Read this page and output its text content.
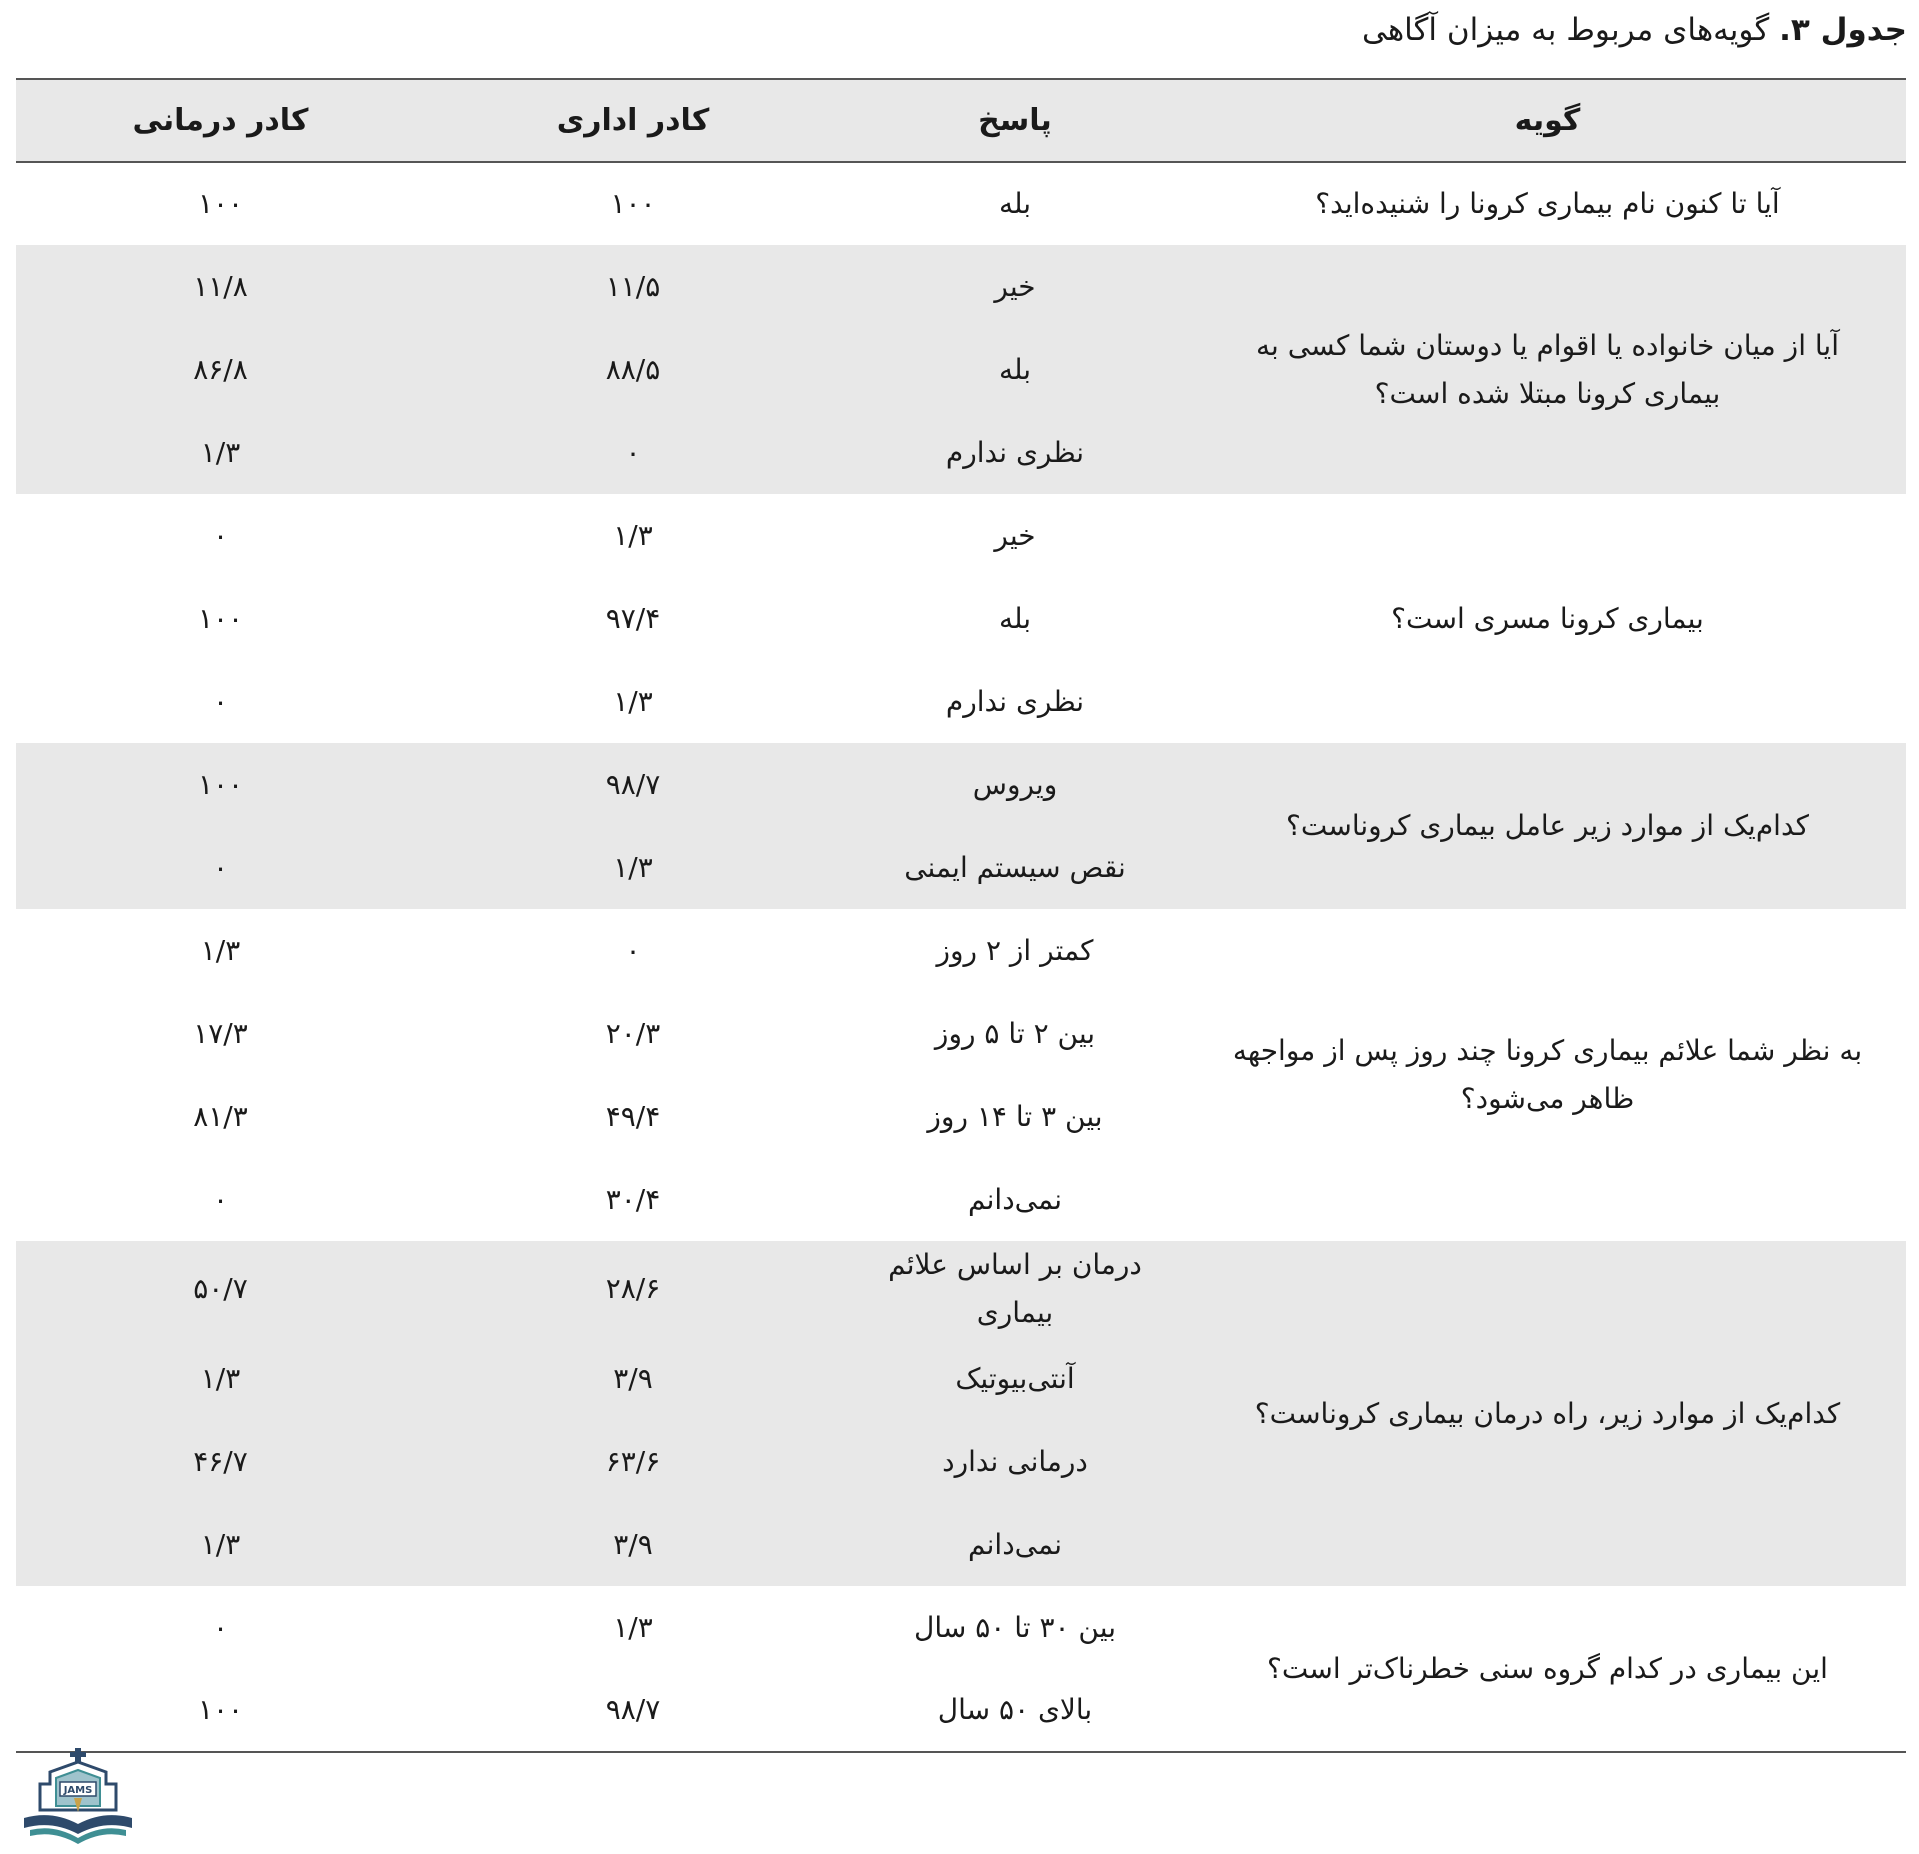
جدول ۳. گویه‌های مربوط به میزان آگاهی
گویه	پاسخ	کادر اداری	کادر درمانی
آیا تا کنون نام بیماری کرونا را شنیده‌اید؟	بله	۱۰۰	۱۰۰
آیا از میان خانواده یا اقوام یا دوستان شما کسی به بیماری کرونا مبتلا شده است؟	خیر	۱۱/۵	۱۱/۸
	بله	۸۸/۵	۸۶/۸
	نظری ندارم	۰	۱/۳
بیماری کرونا مسری است؟	خیر	۱/۳	۰
	بله	۹۷/۴	۱۰۰
	نظری ندارم	۱/۳	۰
کدام‌یک از موارد زیر عامل بیماری کروناست؟	ویروس	۹۸/۷	۱۰۰
	نقص سیستم ایمنی	۱/۳	۰
به نظر شما علائم بیماری کرونا چند روز پس از مواجهه ظاهر می‌شود؟	کمتر از ۲ روز	۰	۱/۳
	بین ۲ تا ۵ روز	۲۰/۳	۱۷/۳
	بین ۳ تا ۱۴ روز	۴۹/۴	۸۱/۳
	نمی‌دانم	۳۰/۴	۰
کدام‌یک از موارد زیر، راه درمان بیماری کروناست؟	درمان بر اساس علائم بیماری	۲۸/۶	۵۰/۷
	آنتی‌بیوتیک	۳/۹	۱/۳
	درمانی ندارد	۶۳/۶	۴۶/۷
	نمی‌دانم	۳/۹	۱/۳
این بیماری در کدام گروه سنی خطرناک‌تر است؟	بین ۳۰ تا ۵۰ سال	۱/۳	۰
	بالای ۵۰ سال	۹۸/۷	۱۰۰
JAMS
